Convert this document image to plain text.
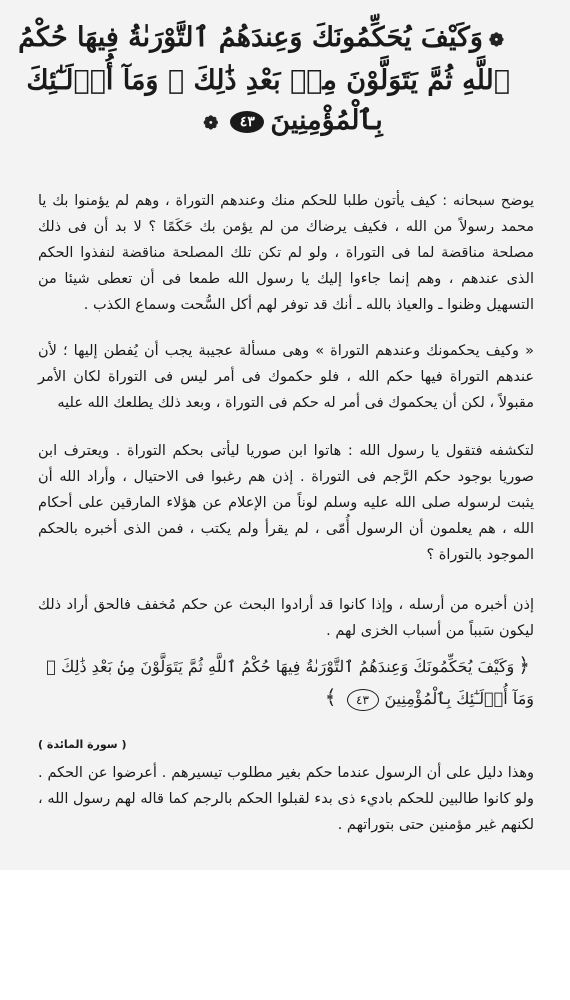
❁وَكَيْفَ يُحَكِّمُونَكَ وَعِندَهُمُ ٱلتَّوْرَىٰةُ فِيهَا حُكْمُ
ٱللَّهِ ثُمَّ يَتَوَلَّوْنَ مِنۢ بَعْدِ ذَٰلِكَ ۚ وَمَآ أُو۟لَـٰٓئِكَ
بِٱلْمُؤْمِنِينَ٤٣❁

يوضح سبحانه : كيف يأتون طلبا للحكم منك وعندهم التوراة ، وهم لم يؤمنوا بك يا محمد رسولاً من الله ، فكيف يرضاك من لم يؤمن بك حَكَمًا ؟ لا بد أن فى ذلك مصلحة مناقضة لما فى التوراة ، ولو لم تكن تلك المصلحة مناقضة لنفذوا الحكم الذى عندهم ، وهم إنما جاءوا إليك يا رسول الله طمعا فى أن تعطى شيئا من التسهيل وظنوا ـ والعياذ بالله ـ أنك قد توفر لهم أكل السُّحت وسماع الكذب .

« وكيف يحكمونك وعندهم التوراة » وهى مسألة عجيبة يجب أن يُفطن إليها ؛ لأن عندهم التوراة فيها حكم الله ، فلو حكموك فى أمر ليس فى التوراة لكان الأمر مقبولاً ، لكن أن يحكموك فى أمر له حكم فى التوراة ، وبعد ذلك يطلعك الله عليه

لتكشفه فتقول يا رسول الله : هاتوا ابن صوريا ليأتى بحكم التوراة . ويعترف ابن صوريا بوجود حكم الرَّجم فى التوراة . إذن هم رغبوا فى الاحتيال ، وأراد الله أن يثبت لرسوله صلى الله عليه وسلم لوناً من الإعلام عن هؤلاء المارقين على أحكام الله ، هم يعلمون أن الرسول أُمّى ، لم يقرأ ولم يكتب ، فمن الذى أخبره بالحكم الموجود بالتوراة ؟

إذن أخبره من أرسله ، وإذا كانوا قد أرادوا البحث عن حكم مُخفف فالحق أراد ذلك ليكون سَبباً من أسباب الخزى لهم .

﴿وَكَيْفَ يُحَكِّمُونَكَ وَعِندَهُمُ ٱلتَّوْرَىٰةُ فِيهَا حُكْمُ ٱللَّهِ ثُمَّ يَتَوَلَّوْنَ مِنۢ بَعْدِ ذَٰلِكَ ۚ وَمَآ أُو۟لَـٰٓئِكَ بِٱلْمُؤْمِنِينَ٤٣﴾
( سورة المائدة )

وهذا دليل على أن الرسول عندما حكم بغير مطلوب تيسيرهم . أعرضوا عن الحكم . ولو كانوا طالبين للحكم باديء ذى بدء لقبلوا الحكم بالرجم كما قاله لهم رسول الله ، لكنهم غير مؤمنين حتى بتوراتهم .
